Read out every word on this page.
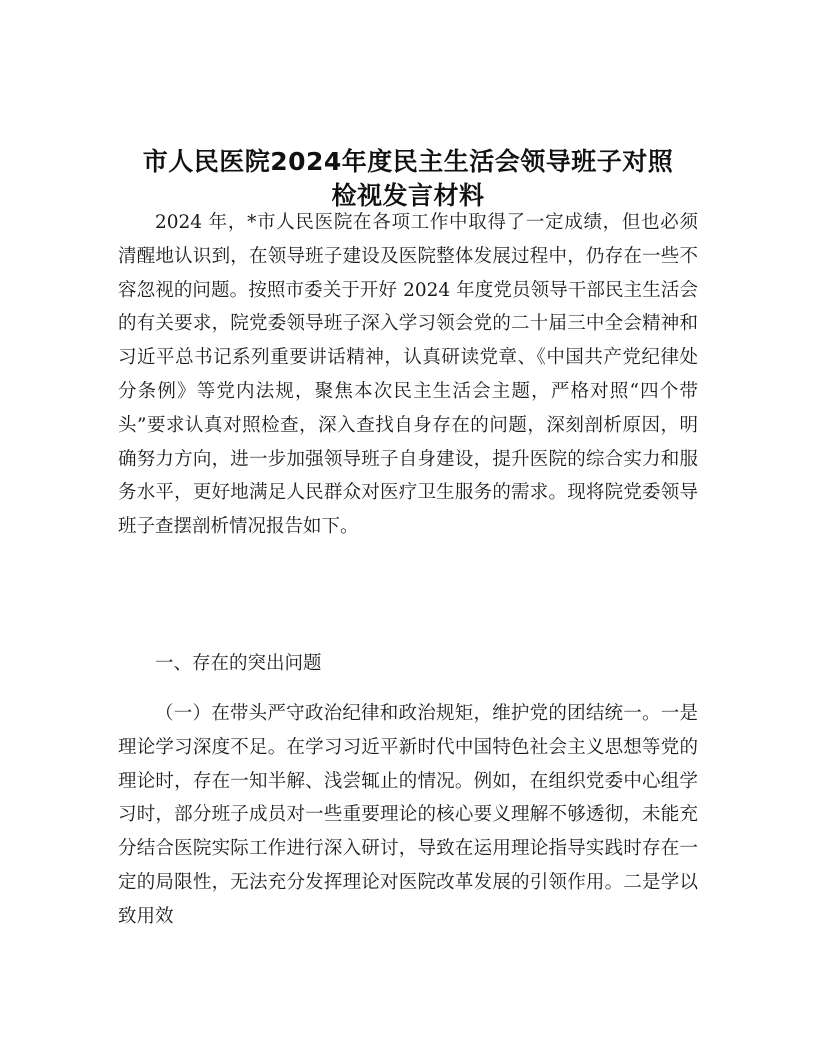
市人民医院2024年度民主生活会领导班子对照
检视发言材料

2024 年，*市人民医院在各项工作中取得了一定成绩，但也必须清醒地认识到，在领导班子建设及医院整体发展过程中，仍存在一些不容忽视的问题。按照市委关于开好 2024 年度党员领导干部民主生活会的有关要求，院党委领导班子深入学习领会党的二十届三中全会精神和习近平总书记系列重要讲话精神，认真研读党章、《中国共产党纪律处分条例》等党内法规，聚焦本次民主生活会主题，严格对照“四个带头”要求认真对照检查，深入查找自身存在的问题，深刻剖析原因，明确努力方向，进一步加强领导班子自身建设，提升医院的综合实力和服务水平，更好地满足人民群众对医疗卫生服务的需求。现将院党委领导班子查摆剖析情况报告如下。

一、存在的突出问题

（一）在带头严守政治纪律和政治规矩，维护党的团结统一。一是理论学习深度不足。在学习习近平新时代中国特色社会主义思想等党的理论时，存在一知半解、浅尝辄止的情况。例如，在组织党委中心组学习时，部分班子成员对一些重要理论的核心要义理解不够透彻，未能充分结合医院实际工作进行深入研讨，导致在运用理论指导实践时存在一定的局限性，无法充分发挥理论对医院改革发展的引领作用。二是学以致用效
